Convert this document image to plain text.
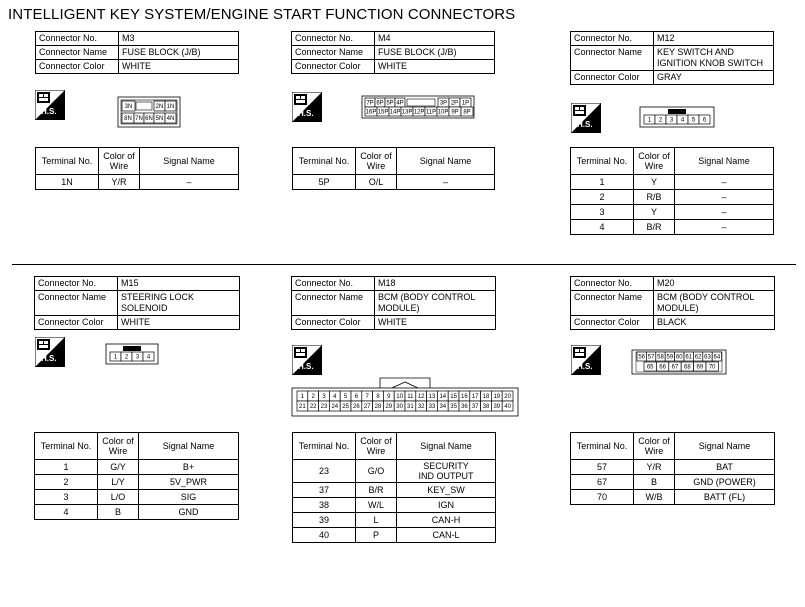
INTELLIGENT KEY SYSTEM/ENGINE START FUNCTION CONNECTORS
Connector No.	M3
Connector Name	FUSE BLOCK (J/B)
Connector Color	WHITE
H.S.	3N	2N 1N
8N 7N 6N 5N 4N
Terminal No.	Color of Wire	Signal Name
1N	Y/R	–
Connector No.	M4
Connector Name	FUSE BLOCK (J/B)
Connector Color	WHITE
H.S.
7P 6P 5P 4P	3P 2P 1P
16P 15P 14P 13P 12P 11P 10P 9P 8P
Terminal No.	Color of Wire	Signal Name
5P	O/L	–
Connector No.	M12
Connector Name	KEY SWITCH AND IGNITION KNOB SWITCH
Connector Color	GRAY
H.S.	1 2 3 4 5 6
Terminal No.	Color of Wire	Signal Name
1	Y	–
2	R/B	–
3	Y	–
4	B/R	–
Connector No.	M15
Connector Name	STEERING LOCK SOLENOID
Connector Color	WHITE
H.S.	1 2 3 4
Terminal No.	Color of Wire	Signal Name
1	G/Y	B+
2	L/Y	5V_PWR
3	L/O	SIG
4	B	GND
Connector No.	M18
Connector Name	BCM (BODY CONTROL MODULE)
Connector Color	WHITE
H.S.
1 2 3 4 5 6 7 8 9 10 11 12 13 14 15 16 17 18 19 20
21 22 23 24 25 26 27 28 29 30 31 32 33 34 35 36 37 38 39 40
Terminal No.	Color of Wire	Signal Name
23	G/O	SECURITY IND OUTPUT
37	B/R	KEY_SW
38	W/L	IGN
39	L	CAN-H
40	P	CAN-L
Connector No.	M20
Connector Name	BCM (BODY CONTROL MODULE)
Connector Color	BLACK
H.S.
56 57 58 59 60 61 62 63 64
65 66 67 68 69 70
Terminal No.	Color of Wire	Signal Name
57	Y/R	BAT
67	B	GND (POWER)
70	W/B	BATT (FL)
